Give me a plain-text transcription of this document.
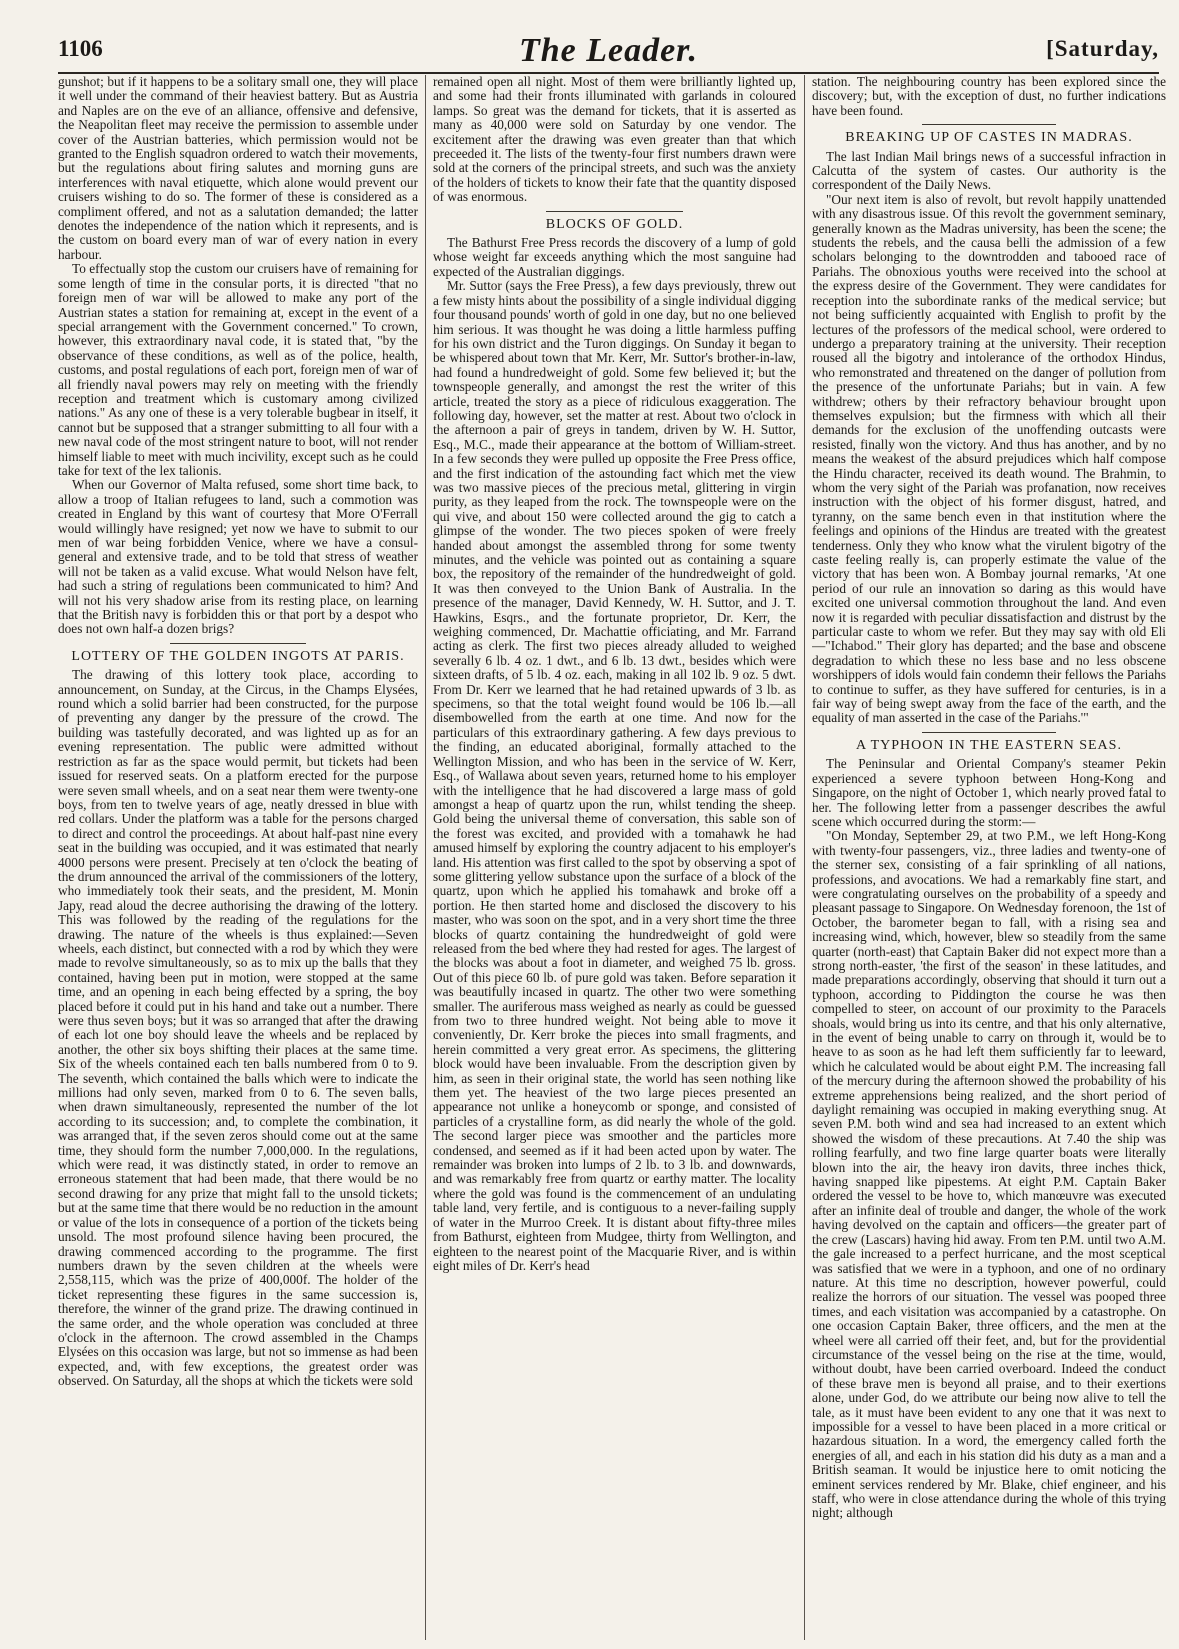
1106	The Leader.	[Saturday,

gunshot; but if it happens to be a solitary small one, they will place it well under the command of their heaviest battery. But as Austria and Naples are on the eve of an alliance, offensive and defensive, the Neapolitan fleet may receive the permission to assemble under cover of the Austrian batteries, which permission would not be granted to the English squadron ordered to watch their movements, but the regulations about firing salutes and morning guns are interferences with naval etiquette, which alone would prevent our cruisers wishing to do so. The former of these is considered as a compliment offered, and not as a salutation demanded; the latter denotes the independence of the nation which it represents, and is the custom on board every man of war of every nation in every harbour.

To effectually stop the custom our cruisers have of remaining for some length of time in the consular ports, it is directed "that no foreign men of war will be allowed to make any port of the Austrian states a station for remaining at, except in the event of a special arrangement with the Government concerned." To crown, however, this extraordinary naval code, it is stated that, "by the observance of these conditions, as well as of the police, health, customs, and postal regulations of each port, foreign men of war of all friendly naval powers may rely on meeting with the friendly reception and treatment which is customary among civilized nations." As any one of these is a very tolerable bugbear in itself, it cannot but be supposed that a stranger submitting to all four with a new naval code of the most stringent nature to boot, will not render himself liable to meet with much incivility, except such as he could take for text of the lex talionis.

When our Governor of Malta refused, some short time back, to allow a troop of Italian refugees to land, such a commotion was created in England by this want of courtesy that More O'Ferrall would willingly have resigned; yet now we have to submit to our men of war being forbidden Venice, where we have a consul-general and extensive trade, and to be told that stress of weather will not be taken as a valid excuse. What would Nelson have felt, had such a string of regulations been communicated to him? And will not his very shadow arise from its resting place, on learning that the British navy is forbidden this or that port by a despot who does not own half-a dozen brigs?

LOTTERY OF THE GOLDEN INGOTS AT PARIS.

The drawing of this lottery took place, according to announcement, on Sunday, at the Circus, in the Champs Elysées, round which a solid barrier had been constructed, for the purpose of preventing any danger by the pressure of the crowd. The building was tastefully decorated, and was lighted up as for an evening representation. The public were admitted without restriction as far as the space would permit, but tickets had been issued for reserved seats. On a platform erected for the purpose were seven small wheels, and on a seat near them were twenty-one boys, from ten to twelve years of age, neatly dressed in blue with red collars. Under the platform was a table for the persons charged to direct and control the proceedings. At about half-past nine every seat in the building was occupied, and it was estimated that nearly 4000 persons were present. Precisely at ten o'clock the beating of the drum announced the arrival of the commissioners of the lottery, who immediately took their seats, and the president, M. Monin Japy, read aloud the decree authorising the drawing of the lottery. This was followed by the reading of the regulations for the drawing. The nature of the wheels is thus explained:—Seven wheels, each distinct, but connected with a rod by which they were made to revolve simultaneously, so as to mix up the balls that they contained, having been put in motion, were stopped at the same time, and an opening in each being effected by a spring, the boy placed before it could put in his hand and take out a number. There were thus seven boys; but it was so arranged that after the drawing of each lot one boy should leave the wheels and be replaced by another, the other six boys shifting their places at the same time. Six of the wheels contained each ten balls numbered from 0 to 9. The seventh, which contained the balls which were to indicate the millions had only seven, marked from 0 to 6. The seven balls, when drawn simultaneously, represented the number of the lot according to its succession; and, to complete the combination, it was arranged that, if the seven zeros should come out at the same time, they should form the number 7,000,000. In the regulations, which were read, it was distinctly stated, in order to remove an erroneous statement that had been made, that there would be no second drawing for any prize that might fall to the unsold tickets; but at the same time that there would be no reduction in the amount or value of the lots in consequence of a portion of the tickets being unsold. The most profound silence having been procured, the drawing commenced according to the programme. The first numbers drawn by the seven children at the wheels were 2,558,115, which was the prize of 400,000f. The holder of the ticket representing these figures in the same succession is, therefore, the winner of the grand prize. The drawing continued in the same order, and the whole operation was concluded at three o'clock in the afternoon. The crowd assembled in the Champs Elysées on this occasion was large, but not so immense as had been expected, and, with few exceptions, the greatest order was observed. On Saturday, all the shops at which the tickets were sold

remained open all night. Most of them were brilliantly lighted up, and some had their fronts illuminated with garlands in coloured lamps. So great was the demand for tickets, that it is asserted as many as 40,000 were sold on Saturday by one vendor. The excitement after the drawing was even greater than that which preceeded it. The lists of the twenty-four first numbers drawn were sold at the corners of the principal streets, and such was the anxiety of the holders of tickets to know their fate that the quantity disposed of was enormous.

BLOCKS OF GOLD.

The Bathurst Free Press records the discovery of a lump of gold whose weight far exceeds anything which the most sanguine had expected of the Australian diggings.

Mr. Suttor (says the Free Press), a few days previously, threw out a few misty hints about the possibility of a single individual digging four thousand pounds' worth of gold in one day, but no one believed him serious. It was thought he was doing a little harmless puffing for his own district and the Turon diggings. On Sunday it began to be whispered about town that Mr. Kerr, Mr. Suttor's brother-in-law, had found a hundredweight of gold. Some few believed it; but the townspeople generally, and amongst the rest the writer of this article, treated the story as a piece of ridiculous exaggeration. The following day, however, set the matter at rest. About two o'clock in the afternoon a pair of greys in tandem, driven by W. H. Suttor, Esq., M.C., made their appearance at the bottom of William-street. In a few seconds they were pulled up opposite the Free Press office, and the first indication of the astounding fact which met the view was two massive pieces of the precious metal, glittering in virgin purity, as they leaped from the rock. The townspeople were on the qui vive, and about 150 were collected around the gig to catch a glimpse of the wonder. The two pieces spoken of were freely handed about amongst the assembled throng for some twenty minutes, and the vehicle was pointed out as containing a square box, the repository of the remainder of the hundredweight of gold. It was then conveyed to the Union Bank of Australia. In the presence of the manager, David Kennedy, W. H. Suttor, and J. T. Hawkins, Esqrs., and the fortunate proprietor, Dr. Kerr, the weighing commenced, Dr. Machattie officiating, and Mr. Farrand acting as clerk. The first two pieces already alluded to weighed severally 6 lb. 4 oz. 1 dwt., and 6 lb. 13 dwt., besides which were sixteen drafts, of 5 lb. 4 oz. each, making in all 102 lb. 9 oz. 5 dwt. From Dr. Kerr we learned that he had retained upwards of 3 lb. as specimens, so that the total weight found would be 106 lb.—all disembowelled from the earth at one time. And now for the particulars of this extraordinary gathering. A few days previous to the finding, an educated aboriginal, formally attached to the Wellington Mission, and who has been in the service of W. Kerr, Esq., of Wallawa about seven years, returned home to his employer with the intelligence that he had discovered a large mass of gold amongst a heap of quartz upon the run, whilst tending the sheep. Gold being the universal theme of conversation, this sable son of the forest was excited, and provided with a tomahawk he had amused himself by exploring the country adjacent to his employer's land. His attention was first called to the spot by observing a spot of some glittering yellow substance upon the surface of a block of the quartz, upon which he applied his tomahawk and broke off a portion. He then started home and disclosed the discovery to his master, who was soon on the spot, and in a very short time the three blocks of quartz containing the hundredweight of gold were released from the bed where they had rested for ages. The largest of the blocks was about a foot in diameter, and weighed 75 lb. gross. Out of this piece 60 lb. of pure gold was taken. Before separation it was beautifully incased in quartz. The other two were something smaller. The auriferous mass weighed as nearly as could be guessed from two to three hundred weight. Not being able to move it conveniently, Dr. Kerr broke the pieces into small fragments, and herein committed a very great error. As specimens, the glittering block would have been invaluable. From the description given by him, as seen in their original state, the world has seen nothing like them yet. The heaviest of the two large pieces presented an appearance not unlike a honeycomb or sponge, and consisted of particles of a crystalline form, as did nearly the whole of the gold. The second larger piece was smoother and the particles more condensed, and seemed as if it had been acted upon by water. The remainder was broken into lumps of 2 lb. to 3 lb. and downwards, and was remarkably free from quartz or earthy matter. The locality where the gold was found is the commencement of an undulating table land, very fertile, and is contiguous to a never-failing supply of water in the Murroo Creek. It is distant about fifty-three miles from Bathurst, eighteen from Mudgee, thirty from Wellington, and eighteen to the nearest point of the Macquarie River, and is within eight miles of Dr. Kerr's head

station. The neighbouring country has been explored since the discovery; but, with the exception of dust, no further indications have been found.

BREAKING UP OF CASTES IN MADRAS.

The last Indian Mail brings news of a successful infraction in Calcutta of the system of castes. Our authority is the correspondent of the Daily News.

"Our next item is also of revolt, but revolt happily unattended with any disastrous issue. Of this revolt the government seminary, generally known as the Madras university, has been the scene; the students the rebels, and the causa belli the admission of a few scholars belonging to the downtrodden and tabooed race of Pariahs. The obnoxious youths were received into the school at the express desire of the Government. They were candidates for reception into the subordinate ranks of the medical service; but not being sufficiently acquainted with English to profit by the lectures of the professors of the medical school, were ordered to undergo a preparatory training at the university. Their reception roused all the bigotry and intolerance of the orthodox Hindus, who remonstrated and threatened on the danger of pollution from the presence of the unfortunate Pariahs; but in vain. A few withdrew; others by their refractory behaviour brought upon themselves expulsion; but the firmness with which all their demands for the exclusion of the unoffending outcasts were resisted, finally won the victory. And thus has another, and by no means the weakest of the absurd prejudices which half compose the Hindu character, received its death wound. The Brahmin, to whom the very sight of the Pariah was profanation, now receives instruction with the object of his former disgust, hatred, and tyranny, on the same bench even in that institution where the feelings and opinions of the Hindus are treated with the greatest tenderness. Only they who know what the virulent bigotry of the caste feeling really is, can properly estimate the value of the victory that has been won. A Bombay journal remarks, 'At one period of our rule an innovation so daring as this would have excited one universal commotion throughout the land. And even now it is regarded with peculiar dissatisfaction and distrust by the particular caste to whom we refer. But they may say with old Eli—"Ichabod." Their glory has departed; and the base and obscene degradation to which these no less base and no less obscene worshippers of idols would fain condemn their fellows the Pariahs to continue to suffer, as they have suffered for centuries, is in a fair way of being swept away from the face of the earth, and the equality of man asserted in the case of the Pariahs.'"

A TYPHOON IN THE EASTERN SEAS.

The Peninsular and Oriental Company's steamer Pekin experienced a severe typhoon between Hong-Kong and Singapore, on the night of October 1, which nearly proved fatal to her. The following letter from a passenger describes the awful scene which occurred during the storm:—

"On Monday, September 29, at two P.M., we left Hong-Kong with twenty-four passengers, viz., three ladies and twenty-one of the sterner sex, consisting of a fair sprinkling of all nations, professions, and avocations. We had a remarkably fine start, and were congratulating ourselves on the probability of a speedy and pleasant passage to Singapore. On Wednesday forenoon, the 1st of October, the barometer began to fall, with a rising sea and increasing wind, which, however, blew so steadily from the same quarter (north-east) that Captain Baker did not expect more than a strong north-easter, 'the first of the season' in these latitudes, and made preparations accordingly, observing that should it turn out a typhoon, according to Piddington the course he was then compelled to steer, on account of our proximity to the Paracels shoals, would bring us into its centre, and that his only alternative, in the event of being unable to carry on through it, would be to heave to as soon as he had left them sufficiently far to leeward, which he calculated would be about eight P.M. The increasing fall of the mercury during the afternoon showed the probability of his extreme apprehensions being realized, and the short period of daylight remaining was occupied in making everything snug. At seven P.M. both wind and sea had increased to an extent which showed the wisdom of these precautions. At 7.40 the ship was rolling fearfully, and two fine large quarter boats were literally blown into the air, the heavy iron davits, three inches thick, having snapped like pipestems. At eight P.M. Captain Baker ordered the vessel to be hove to, which manœuvre was executed after an infinite deal of trouble and danger, the whole of the work having devolved on the captain and officers—the greater part of the crew (Lascars) having hid away. From ten P.M. until two A.M. the gale increased to a perfect hurricane, and the most sceptical was satisfied that we were in a typhoon, and one of no ordinary nature. At this time no description, however powerful, could realize the horrors of our situation. The vessel was pooped three times, and each visitation was accompanied by a catastrophe. On one occasion Captain Baker, three officers, and the men at the wheel were all carried off their feet, and, but for the providential circumstance of the vessel being on the rise at the time, would, without doubt, have been carried overboard. Indeed the conduct of these brave men is beyond all praise, and to their exertions alone, under God, do we attribute our being now alive to tell the tale, as it must have been evident to any one that it was next to impossible for a vessel to have been placed in a more critical or hazardous situation. In a word, the emergency called forth the energies of all, and each in his station did his duty as a man and a British seaman. It would be injustice here to omit noticing the eminent services rendered by Mr. Blake, chief engineer, and his staff, who were in close attendance during the whole of this trying night; although
